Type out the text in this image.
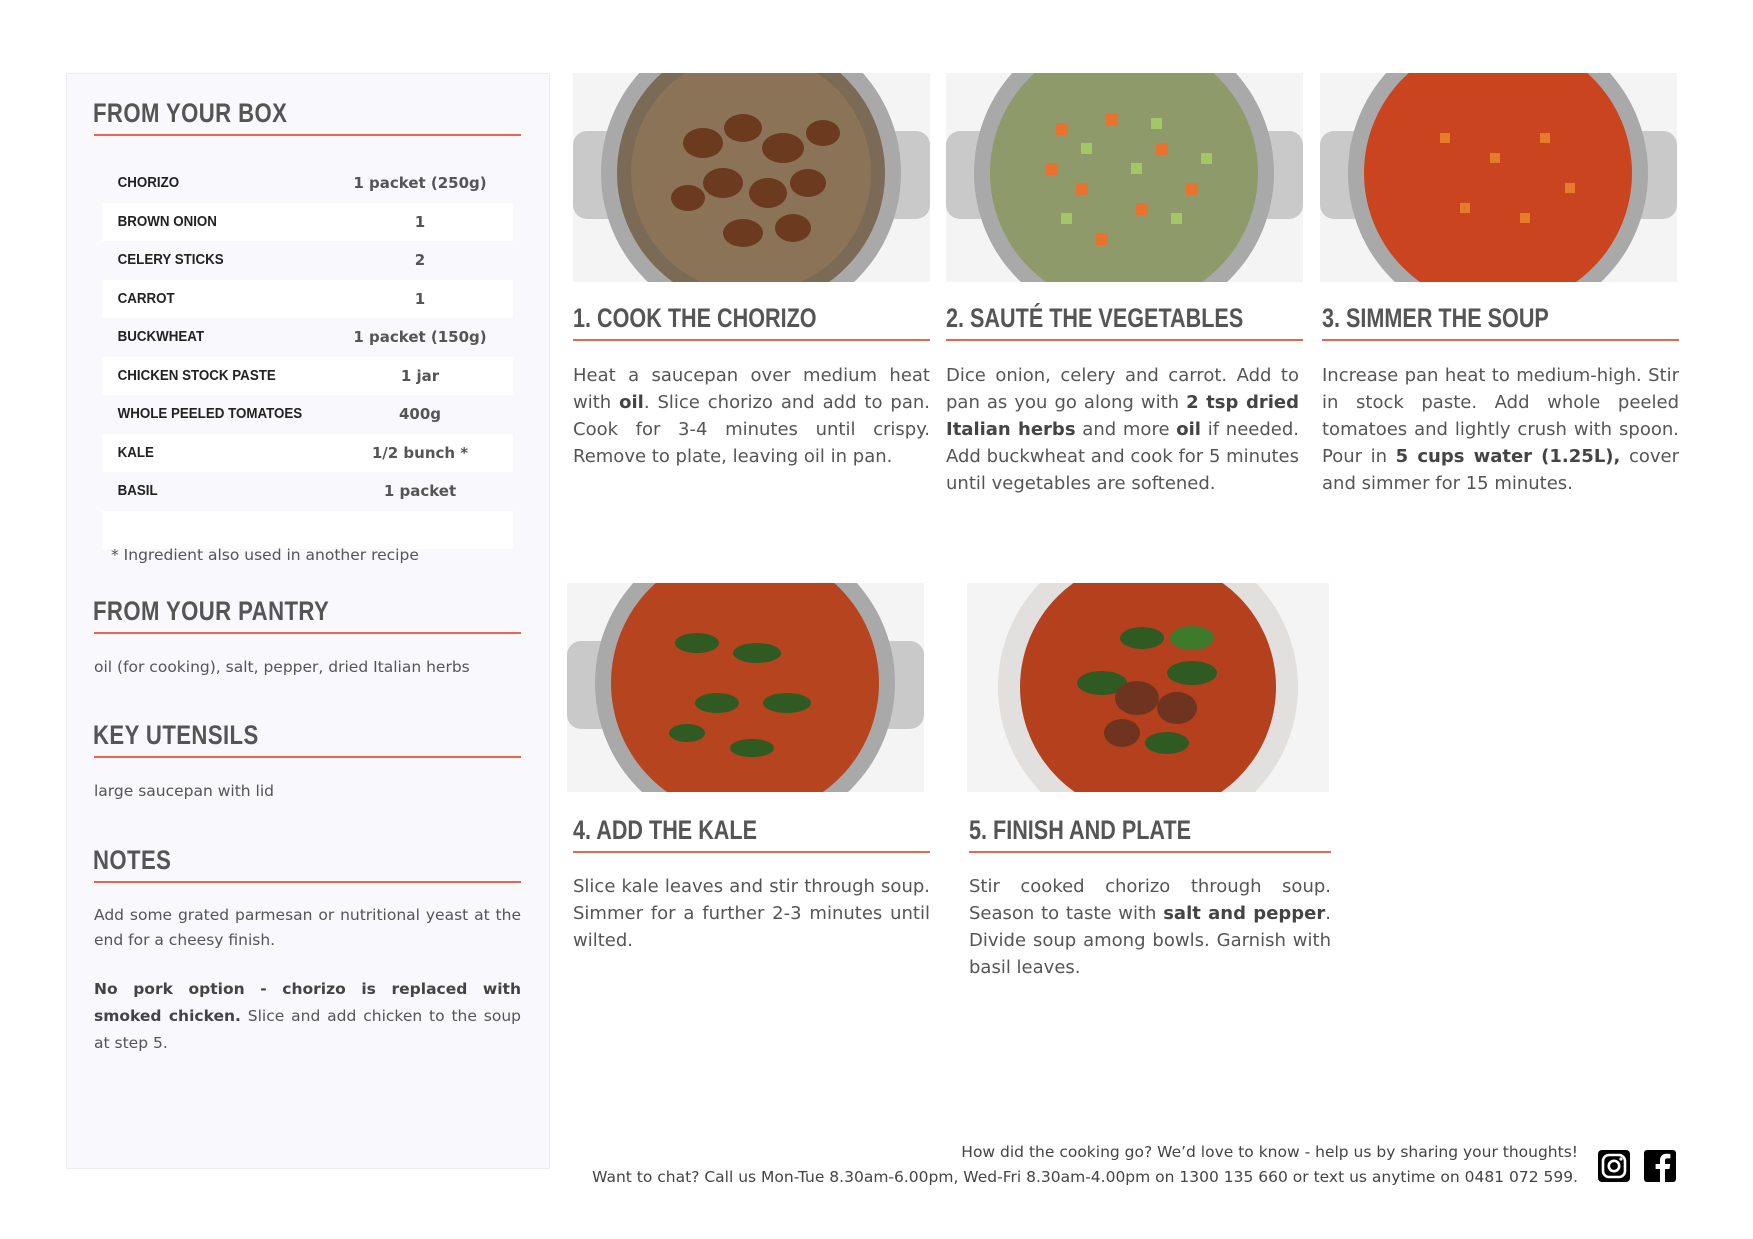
FROM YOUR BOX
CHORIZO	1 packet (250g)
BROWN ONION	1
CELERY STICKS	2
CARROT	1
BUCKWHEAT	1 packet (150g)
CHICKEN STOCK PASTE	1 jar
WHOLE PEELED TOMATOES	400g
KALE	1/2 bunch *
BASIL	1 packet
* Ingredient also used in another recipe
FROM YOUR PANTRY
oil (for cooking), salt, pepper, dried Italian herbs
KEY UTENSILS
large saucepan with lid
NOTES
Add some grated parmesan or nutritional yeast at the end for a cheesy finish.
No pork option - chorizo is replaced with smoked chicken. Slice and add chicken to the soup at step 5.
1. COOK THE CHORIZO
Heat a saucepan over medium heat with oil. Slice chorizo and add to pan. Cook for 3-4 minutes until crispy. Remove to plate, leaving oil in pan.
2. SAUTÉ THE VEGETABLES
Dice onion, celery and carrot. Add to pan as you go along with 2 tsp dried Italian herbs and more oil if needed. Add buckwheat and cook for 5 minutes until vegetables are softened.
3. SIMMER THE SOUP
Increase pan heat to medium-high. Stir in stock paste. Add whole peeled tomatoes and lightly crush with spoon. Pour in 5 cups water (1.25L), cover and simmer for 15 minutes.
4. ADD THE KALE
Slice kale leaves and stir through soup. Simmer for a further 2-3 minutes until wilted.
5. FINISH AND PLATE
Stir cooked chorizo through soup. Season to taste with salt and pepper. Divide soup among bowls. Garnish with basil leaves.
How did the cooking go? We’d love to know - help us by sharing your thoughts!
Want to chat? Call us Mon-Tue 8.30am-6.00pm, Wed-Fri 8.30am-4.00pm on 1300 135 660 or text us anytime on 0481 072 599.
